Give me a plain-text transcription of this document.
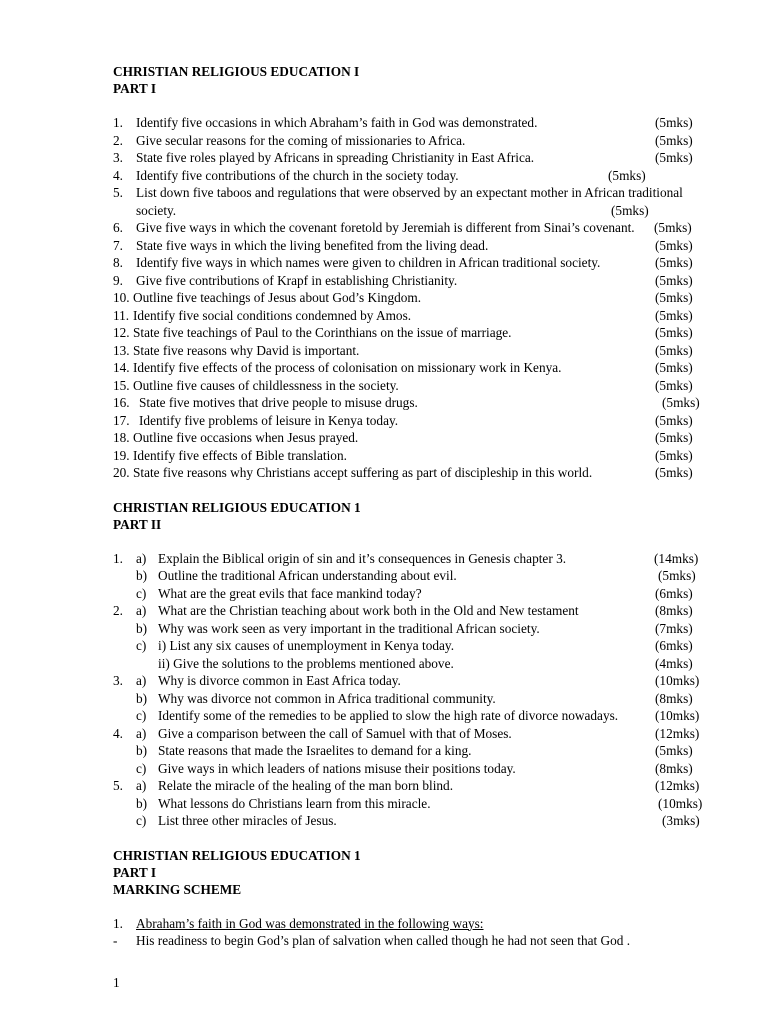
CHRISTIAN RELIGIOUS EDUCATION I
PART I
1. Identify five occasions in which Abraham’s faith in God was demonstrated.	(5mks)
2. Give secular reasons for the coming of missionaries to Africa.	(5mks)
3. State five roles played by Africans in spreading Christianity in East Africa.	(5mks)
4. Identify five contributions of the church in the society today.	(5mks)
5. List down five taboos and regulations that were observed by an expectant mother in African traditional
society.	(5mks)
6. Give five ways in which the covenant foretold by Jeremiah is different from Sinai’s covenant. (5mks)
7. State five ways in which the living benefited from the living dead.	(5mks)
8. Identify five ways in which names were given to children in African traditional society.	(5mks)
9. Give five contributions of Krapf in establishing Christianity.	(5mks)
10. Outline five teachings of Jesus about God’s Kingdom.	(5mks)
11. Identify five social conditions condemned by Amos.	(5mks)
12. State five teachings of Paul to the Corinthians on the issue of marriage.	(5mks)
13. State five reasons why David is important.	(5mks)
14. Identify five effects of the process of colonisation on missionary work in Kenya.	(5mks)
15. Outline five causes of childlessness in the society.	(5mks)
16. State five motives that drive people to misuse drugs.	(5mks)
17. Identify five problems of leisure in Kenya today.	(5mks)
18. Outline five occasions when Jesus prayed.	(5mks)
19. Identify five effects of Bible translation.	(5mks)
20. State five reasons why Christians accept suffering as part of discipleship in this world.	(5mks)
CHRISTIAN RELIGIOUS EDUCATION 1
PART II
1. a) Explain the Biblical origin of sin and it’s consequences in Genesis chapter 3.	(14mks)
b) Outline the traditional African understanding about evil.	(5mks)
c) What are the great evils that face mankind today?	(6mks)
2. a) What are the Christian teaching about work both in the Old and New testament	(8mks)
b) Why was work seen as very important in the traditional African society.	(7mks)
c) i) List any six causes of unemployment in Kenya today.	(6mks)
ii) Give the solutions to the problems mentioned above.	(4mks)
3. a) Why is divorce common in East Africa today.	(10mks)
b) Why was divorce not common in Africa traditional community.	(8mks)
c) Identify some of the remedies to be applied to slow the high rate of divorce nowadays.	(10mks)
4. a) Give a comparison between the call of Samuel with that of Moses.	(12mks)
b) State reasons that made the Israelites to demand for a king.	(5mks)
c) Give ways in which leaders of nations misuse their positions today.	(8mks)
5. a) Relate the miracle of the healing of the man born blind.	(12mks)
b) What lessons do Christians learn from this miracle.	(10mks)
c) List three other miracles of Jesus.	(3mks)
CHRISTIAN RELIGIOUS EDUCATION 1
PART I
MARKING SCHEME
1. Abraham’s faith in God was demonstrated in the following ways:
- His readiness to begin God’s plan of salvation when called though he had not seen that God .
1
